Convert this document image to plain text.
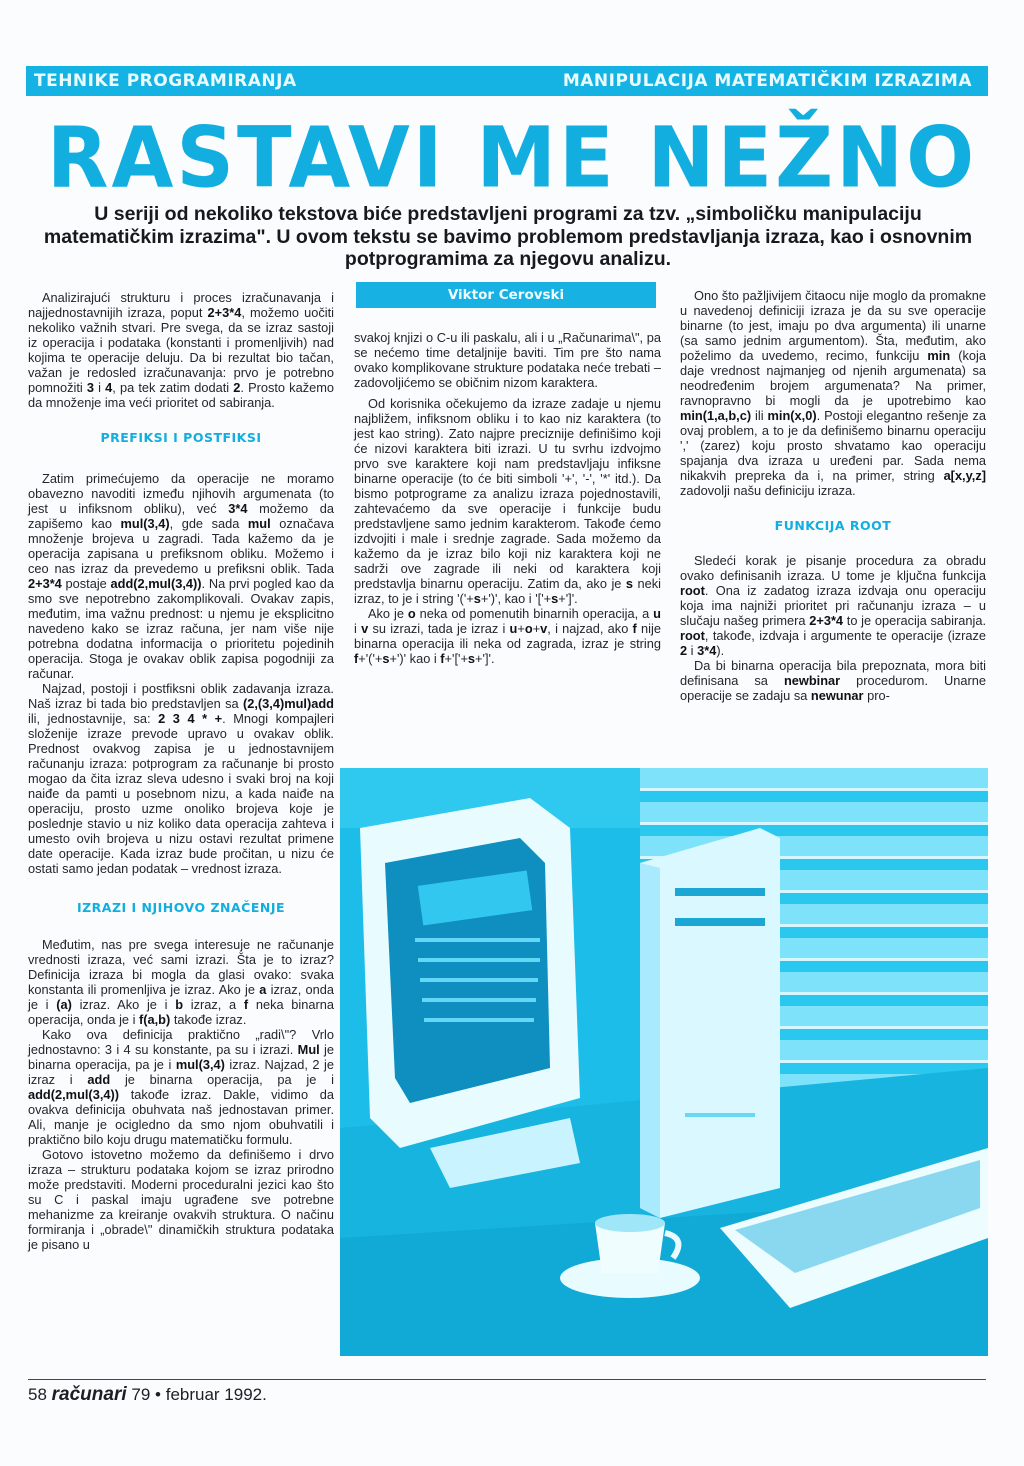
TEHNIKE PROGRAMIRANJA	MANIPULACIJA MATEMATIČKIM IZRAZIMA
RASTAVI ME NEŽNO
U seriji od nekoliko tekstova biće predstavljeni programi za tzv. „simboličku manipulaciju matematičkim izrazima". U ovom tekstu se bavimo problemom predstavljanja izraza, kao i osnovnim potprogramima za njegovu analizu.
Viktor Cerovski

Analizirajući strukturu i proces izračunavanja i najjednostavnijih izraza, poput 2+3*4, možemo uočiti nekoliko važnih stvari. Pre svega, da se izraz sastoji iz operacija i podataka (konstanti i promenljivih) nad kojima te operacije deluju. Da bi rezultat bio tačan, važan je redosled izračunavanja: prvo je potrebno pomnožiti 3 i 4, pa tek zatim dodati 2. Prosto kažemo da množenje ima veći prioritet od sabiranja.

PREFIKSI I POSTFIKSI

Zatim primećujemo da operacije ne moramo obavezno navoditi između njihovih argumenata (to jest u infiksnom obliku), već 3*4 možemo da zapišemo kao mul(3,4), gde sada mul označava množenje brojeva u zagradi. Tada kažemo da je operacija zapisana u prefiksnom obliku. Možemo i ceo nas izraz da prevedemo u prefiksni oblik. Tada 2+3*4 postaje add(2,mul(3,4)). Na prvi pogled kao da smo sve nepotrebno zakomplikovali. Ovakav zapis, međutim, ima važnu prednost: u njemu je eksplicitno navedeno kako se izraz računa, jer nam više nije potrebna dodatna informacija o prioritetu pojedinih operacija. Stoga je ovakav oblik zapisa pogodniji za računar.

Najzad, postoji i postfiksni oblik zadavanja izraza. Naš izraz bi tada bio predstavljen sa (2,(3,4)mul)add ili, jednostavnije, sa: 2 3 4 * +. Mnogi kompajleri složenije izraze prevode upravo u ovakav oblik. Prednost ovakvog zapisa je u jednostavnijem računanju izraza: potprogram za računanje bi prosto mogao da čita izraz sleva udesno i svaki broj na koji naiđe da pamti u posebnom nizu, a kada naiđe na operaciju, prosto uzme onoliko brojeva koje je poslednje stavio u niz koliko data operacija zahteva i umesto ovih brojeva u nizu ostavi rezultat primene date operacije. Kada izraz bude pročitan, u nizu će ostati samo jedan podatak – vrednost izraza.

IZRAZI I NJIHOVO ZNAČENJE

Međutim, nas pre svega interesuje ne računanje vrednosti izraza, već sami izrazi. Šta je to izraz? Definicija izraza bi mogla da glasi ovako: svaka konstanta ili promenljiva je izraz. Ako je a izraz, onda je i (a) izraz. Ako je i b izraz, a f neka binarna operacija, onda je i f(a,b) takođe izraz.

Kako ova definicija praktično „radi\"? Vrlo jednostavno: 3 i 4 su konstante, pa su i izrazi. Mul je binarna operacija, pa je i mul(3,4) izraz. Najzad, 2 je izraz i add je binarna operacija, pa je i add(2,mul(3,4)) takođe izraz. Dakle, vidimo da ovakva definicija obuhvata naš jednostavan primer. Ali, manje je ocigledno da smo njom obuhvatili i praktično bilo koju drugu matematičku formulu.

Gotovo istovetno možemo da definišemo i drvo izraza – strukturu podataka kojom se izraz prirodno može predstaviti. Moderni proceduralni jezici kao što su C i paskal imaju ugrađene sve potrebne mehanizme za kreiranje ovakvih struktura. O načinu formiranja i „obrade\" dinamičkih struktura podataka je pisano u

svakoj knjizi o C-u ili paskalu, ali i u „Računarima\", pa se nećemo time detaljnije baviti. Tim pre što nama ovako komplikovane strukture podataka neće trebati – zadovoljićemo se običnim nizom karaktera.

Od korisnika očekujemo da izraze zadaje u njemu najbližem, infiksnom obliku i to kao niz karaktera (to jest kao string). Zato najpre preciznije definišimo koji će nizovi karaktera biti izrazi. U tu svrhu izdvojmo prvo sve karaktere koji nam predstavljaju infiksne binarne operacije (to će biti simboli '+', '-', '*' itd.). Da bismo potprograme za analizu izraza pojednostavili, zahtevaćemo da sve operacije i funkcije budu predstavljene samo jednim karakterom. Takođe ćemo izdvojiti i male i srednje zagrade. Sada možemo da kažemo da je izraz bilo koji niz karaktera koji ne sadrži ove zagrade ili neki od karaktera koji predstavlja binarnu operaciju. Zatim da, ako je s neki izraz, to je i string '('+s+')', kao i '['+s+']'.

Ako je o neka od pomenutih binarnih operacija, a u i v su izrazi, tada je izraz i u+o+v, i najzad, ako f nije binarna operacija ili neka od zagrada, izraz je string f+'('+s+')' kao i f+'['+s+']'.

Ono što pažljivijem čitaocu nije moglo da promakne u navedenoj definiciji izraza je da su sve operacije binarne (to jest, imaju po dva argumenta) ili unarne (sa samo jednim argumentom). Šta, međutim, ako poželimo da uvedemo, recimo, funkciju min (koja daje vrednost najmanjeg od njenih argumenata) sa neodređenim brojem argumenata? Na primer, ravnopravno bi mogli da je upotrebimo kao min(1,a,b,c) ili min(x,0). Postoji elegantno rešenje za ovaj problem, a to je da definišemo binarnu operaciju ',' (zarez) koju prosto shvatamo kao operaciju spajanja dva izraza u uređeni par. Sada nema nikakvih prepreka da i, na primer, string a[x,y,z] zadovolji našu definiciju izraza.

FUNKCIJA ROOT

Sledeći korak je pisanje procedura za obradu ovako definisanih izraza. U tome je ključna funkcija root. Ona iz zadatog izraza izdvaja onu operaciju koja ima najniži prioritet pri računanju izraza – u slučaju našeg primera 2+3*4 to je operacija sabiranja. root, takođe, izdvaja i argumente te operacije (izraze 2 i 3*4).

Da bi binarna operacija bila prepoznata, mora biti definisana sa newbinar procedurom. Unarne operacije se zadaju sa newunar pro-

58 računari 79 • februar 1992.
